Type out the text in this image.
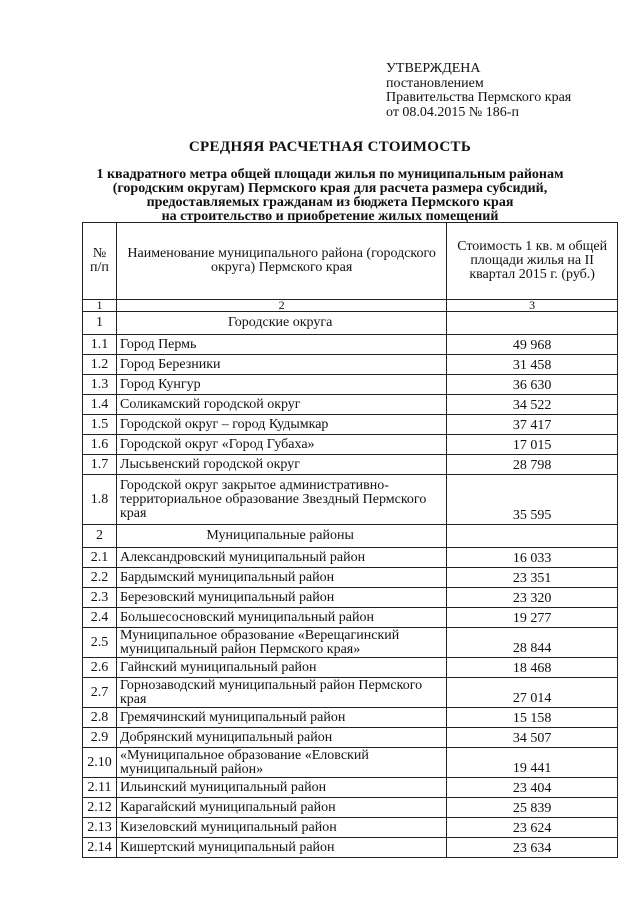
УТВЕРЖДЕНА
постановлением
Правительства Пермского края
от 08.04.2015 № 186-п
СРЕДНЯЯ РАСЧЕТНАЯ СТОИМОСТЬ
1 квадратного метра общей площади жилья по муниципальным районам
(городским округам) Пермского края для расчета размера субсидий,
предоставляемых гражданам из бюджета Пермского края
на строительство и приобретение жилых помещений
№ п/п	Наименование муниципального района (городского округа) Пермского края	Стоимость 1 кв. м общей площади жилья на II квартал 2015 г. (руб.)
1	2	3
1	Городские округа	
1.1	Город Пермь	49 968
1.2	Город Березники	31 458
1.3	Город Кунгур	36 630
1.4	Соликамский городской округ	34 522
1.5	Городской округ – город Кудымкар	37 417
1.6	Городской округ «Город Губаха»	17 015
1.7	Лысьвенский городской округ	28 798
1.8	Городской округ закрытое административно-территориальное образование Звездный Пермского края	35 595
2	Муниципальные районы	
2.1	Александровский муниципальный район	16 033
2.2	Бардымский муниципальный район	23 351
2.3	Березовский муниципальный район	23 320
2.4	Большесосновский муниципальный район	19 277
2.5	Муниципальное образование «Верещагинский муниципальный район Пермского края»	28 844
2.6	Гайнский муниципальный район	18 468
2.7	Горнозаводский муниципальный район Пермского края	27 014
2.8	Гремячинский муниципальный район	15 158
2.9	Добрянский муниципальный район	34 507
2.10	«Муниципальное образование «Еловский муниципальный район»	19 441
2.11	Ильинский муниципальный район	23 404
2.12	Карагайский муниципальный район	25 839
2.13	Кизеловский муниципальный район	23 624
2.14	Кишертский муниципальный район	23 634
